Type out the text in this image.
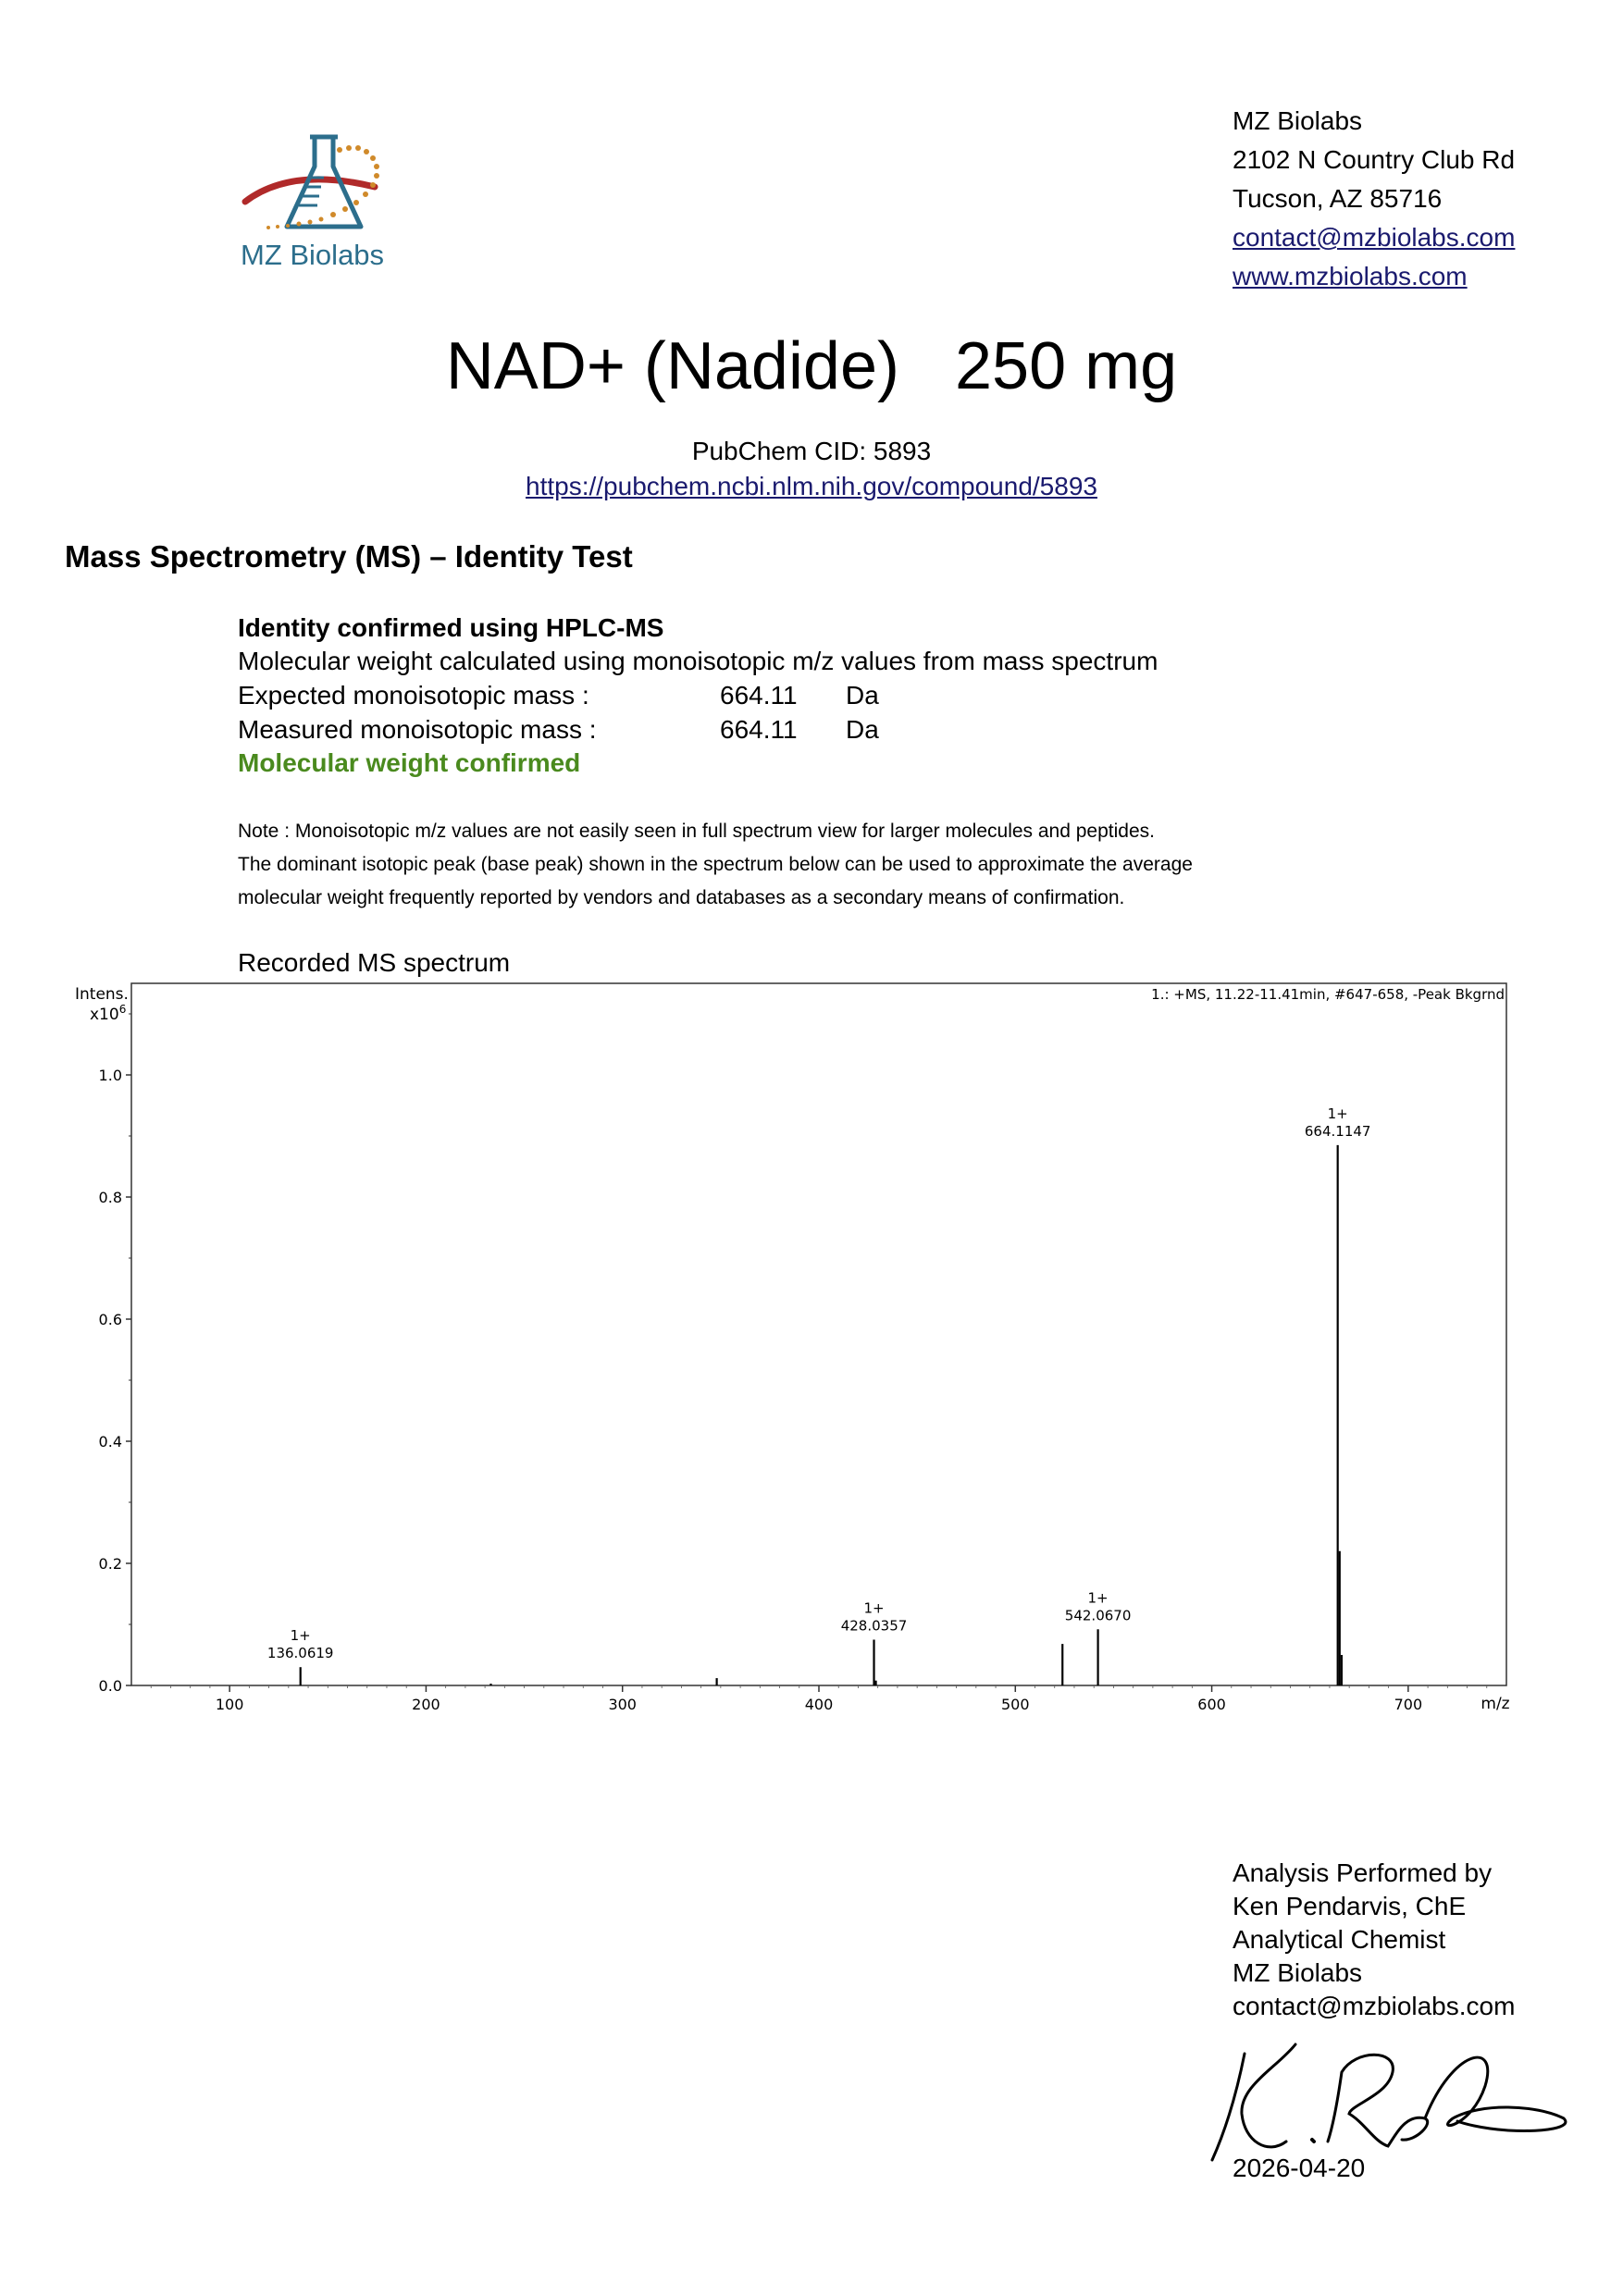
MZ Biolabs
MZ Biolabs
2102 N Country Club Rd
Tucson, AZ 85716
contact@mzbiolabs.com
www.mzbiolabs.com
NAD+ (Nadide)   250 mg
PubChem CID: 5893
https://pubchem.ncbi.nlm.nih.gov/compound/5893
Mass Spectrometry (MS) – Identity Test
Identity confirmed using HPLC-MS
Molecular weight calculated using monoisotopic m/z values from mass spectrum
Expected monoisotopic mass :	664.11 Da
Measured monoisotopic mass :	664.11 Da
Molecular weight confirmed
Note : Monoisotopic m/z values are not easily seen in full spectrum view for larger molecules and peptides.
The dominant isotopic peak (base peak) shown in the spectrum below can be used to approximate the average
molecular weight frequently reported by vendors and databases as a secondary means of confirmation.
Recorded MS spectrum
Intens.
$x10^6$
1.: +MS, 11.22-11.41min, #647-658, -Peak Bkgrnd
m/z
0.0
0.2
0.4
0.6
0.8
1.0
100	200	300	400	500	600	700
136.0619
1+
428.0357
1+	542.0670
1+
664.1147
1+
Analysis Performed by
Ken Pendarvis, ChE
Analytical Chemist
MZ Biolabs
contact@mzbiolabs.com
2026-04-20
